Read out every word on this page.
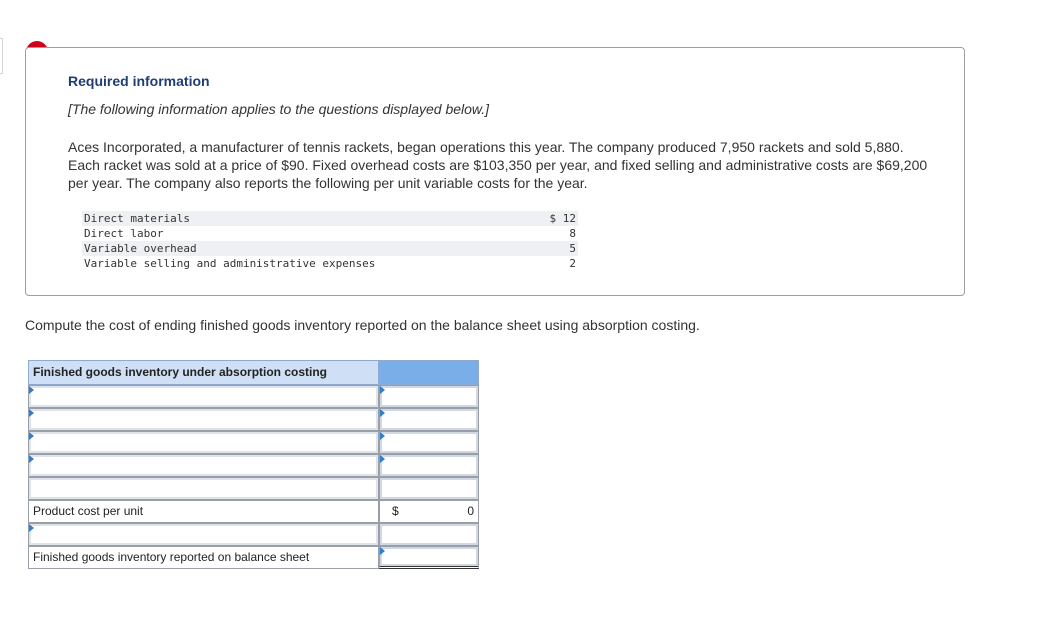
Required information
[The following information applies to the questions displayed below.]
Aces Incorporated, a manufacturer of tennis rackets, began operations this year. The company produced 7,950 rackets and sold 5,880. Each racket was sold at a price of $90. Fixed overhead costs are $103,350 per year, and fixed selling and administrative costs are $69,200 per year. The company also reports the following per unit variable costs for the year.
Direct materials	$ 12
Direct labor	8
Variable overhead	5
Variable selling and administrative expenses	2
Compute the cost of ending finished goods inventory reported on the balance sheet using absorption costing.
Finished goods inventory under absorption costing	

Product cost per unit	$ 0

Finished goods inventory reported on balance sheet
